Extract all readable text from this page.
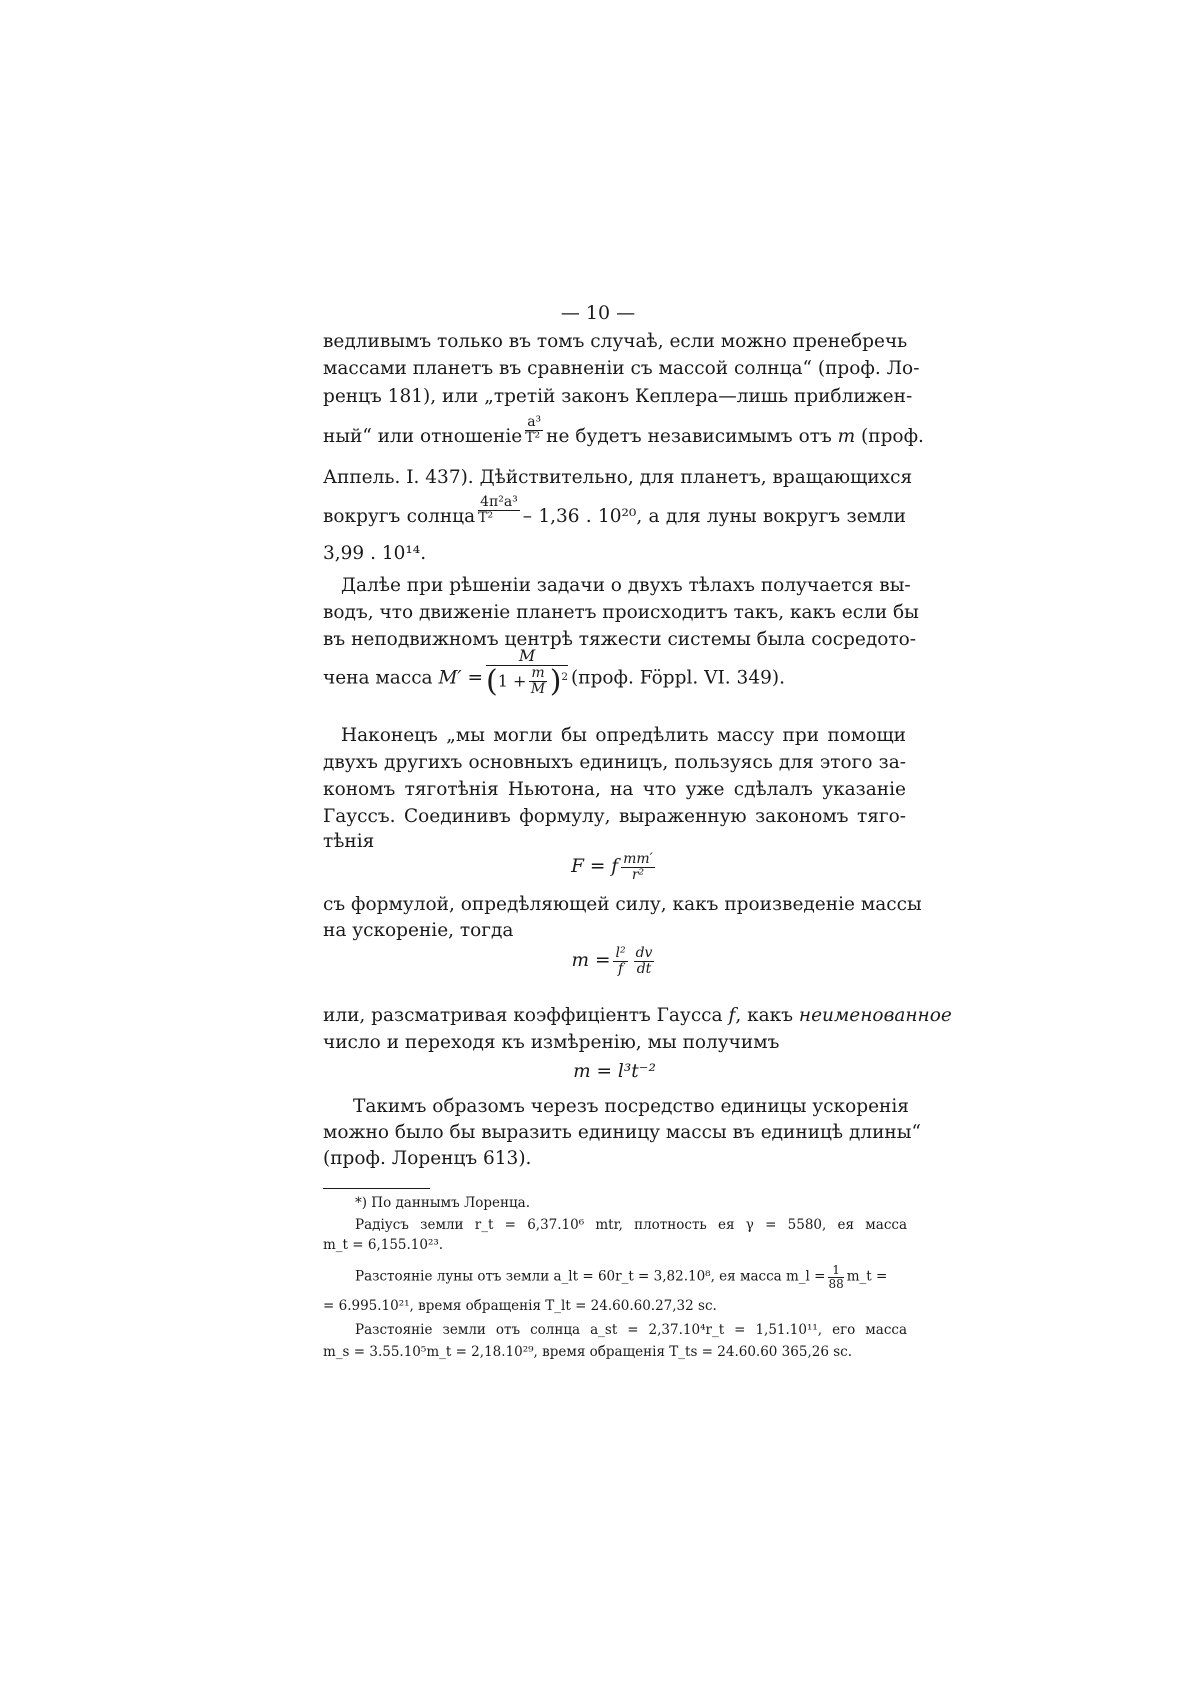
— 10 —
ведливымъ только въ томъ случаѣ, если можно пренебречь
массами планетъ въ сравненіи съ массой солнца“ (проф. Ло-
ренцъ 181), или „третій законъ Кеплера—лишь приближен-
ный“ или отношеніе $\frac{\text{a³}}{\text{T²}}$ не будетъ независимымъ отъ m (проф.
Аппель. I. 437). Дѣйствительно, для планетъ, вращающихся
вокругъ солнца $\frac{\text{4π²a³}}{\text{T²}} - 1,36$ . 10²⁰, а для луны вокругъ земли
3,99 . 10¹⁴.
Далѣе при рѣшеніи задачи о двухъ тѣлахъ получается вы-
водъ, что движеніе планетъ происходитъ такъ, какъ если бы
въ неподвижномъ центрѣ тяжести системы была сосредото-
чена масса $M' = \frac{M}{(1 + \frac{m}{M} )^2}$ (проф. Föppl. VI. 349).
Наконецъ „мы могли бы опредѣлить массу при помощи
двухъ другихъ основныхъ единицъ, пользуясь для этого за-
кономъ тяготѣнія Ньютона, на что уже сдѣлалъ указаніе
Гауссъ. Соединивъ формулу, выраженную закономъ тяго-
тѣнія
F = f $\frac{mm'}{\text{r²}}$
съ формулой, опредѣляющей силу, какъ произведеніе массы
на ускореніе, тогда
$m = \frac{\text{l²}}{f} \frac{dv}{dt}$
или, разсматривая коэффиціентъ Гаусса f, какъ неименованное
число и переходя къ измѣренію, мы получимъ
m = l³t⁻²
Такимъ образомъ черезъ посредство единицы ускоренія
можно было бы выразить единицу массы въ единицѣ длины“
(проф. Лоренцъ 613).
*) По даннымъ Лоренца.
Радіусъ земли r_t = 6,37.10⁶ mtr, плотность ея γ = 5580, ея масса
m_t = 6,155.10²³.
Разстояніе луны отъ земли a_lt = 60r_t = 3,82.10⁸, ея масса m_l = $\frac{1}{88}$ m_t =
= 6.995.10²¹, время обращенія T_lt = 24.60.60.27,32 sc.
Разстояніе земли отъ солнца a_st = 2,37.10⁴r_t = 1,51.10¹¹, его масса
m_s = 3.55.10⁵m_t = 2,18.10²⁹, время обращенія T_ts = 24.60.60 365,26 sc.
